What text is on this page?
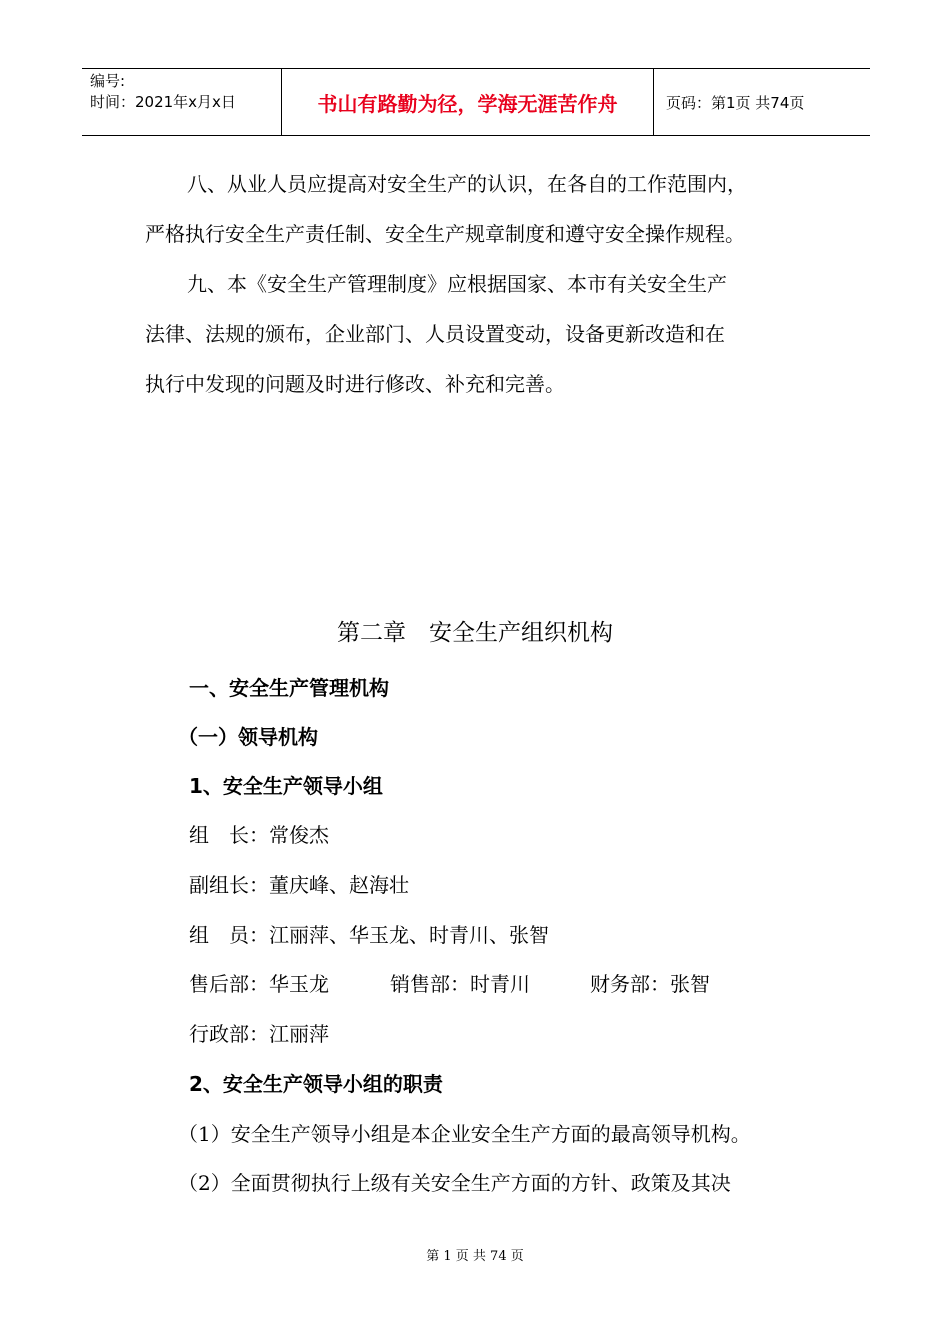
编号:
时间：2021年x月x日	书山有路勤为径，学海无涯苦作舟	页码：第1页 共74页
八、从业人员应提高对安全生产的认识，在各自的工作范围内，
严格执行安全生产责任制、安全生产规章制度和遵守安全操作规程。
九、本《安全生产管理制度》应根据国家、本市有关安全生产
法律、法规的颁布，企业部门、人员设置变动，设备更新改造和在
执行中发现的问题及时进行修改、补充和完善。
第二章　安全生产组织机构
一、安全生产管理机构
（一）领导机构
1、安全生产领导小组
组　长：常俊杰
副组长：董庆峰、赵海壮
组　员：江丽萍、华玉龙、时青川、张智
售后部：华玉龙	销售部：时青川	财务部：张智
行政部：江丽萍
2、安全生产领导小组的职责
（1）安全生产领导小组是本企业安全生产方面的最高领导机构。
（2）全面贯彻执行上级有关安全生产方面的方针、政策及其决
第 1 页 共 74 页
